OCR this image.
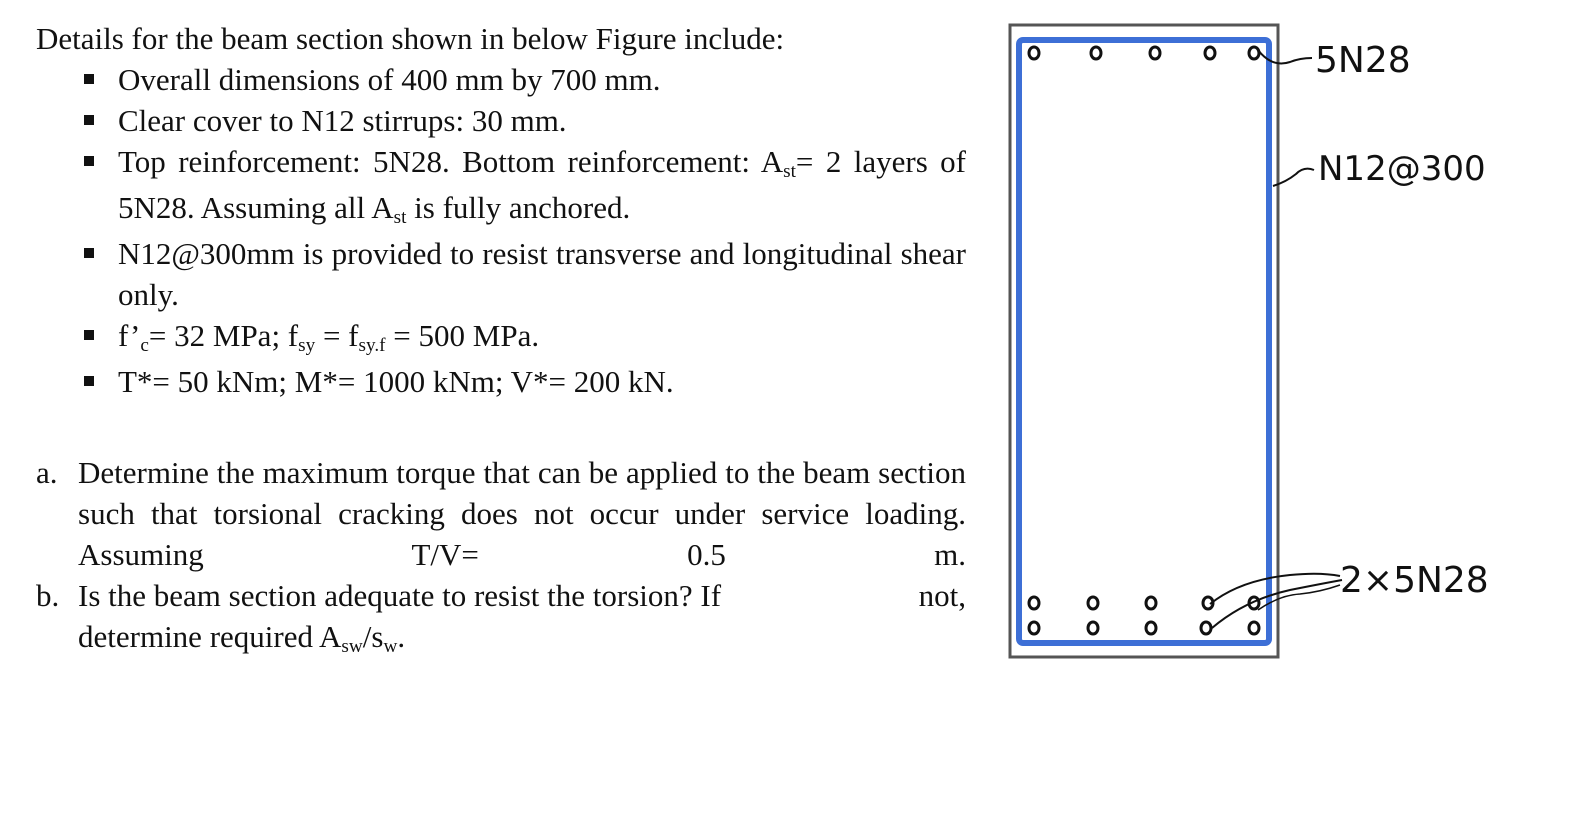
Details for the beam section shown in below Figure include:

Overall dimensions of 400 mm by 700 mm.
Clear cover to N12 stirrups: 30 mm.
Top reinforcement: 5N28. Bottom reinforcement: Ast= 2 layers of 5N28. Assuming all Ast is fully anchored.
N12@300mm is provided to resist transverse and longitudinal shear only.
f’c= 32 MPa; fsy = fsy.f = 500 MPa.
T*= 50 kNm; M*= 1000 kNm; V*= 200 kN.
a. Determine the maximum torque that can be applied to the beam section such that torsional cracking does not occur under service loading. Assuming T/V= 0.5 m.
b. Is the beam section adequate to resist the torsion? If	not,
determine required Asw/sw.
5N28
N12@300
2×5N28
